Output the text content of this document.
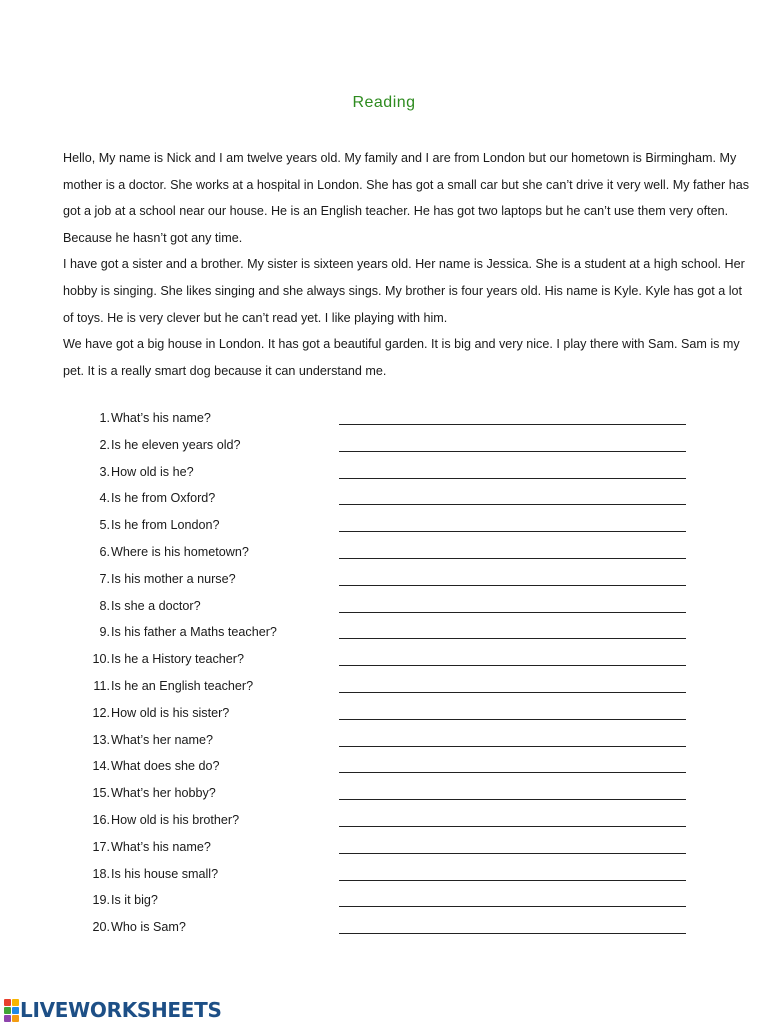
Reading

Hello, My name is Nick and I am twelve years old. My family and I are from London but our hometown is Birmingham. My mother is a doctor. She works at a hospital in London. She has got a small car but she can’t drive it very well. My father has got a job at a school near our house. He is an English teacher. He has got two laptops but he can’t use them very often. Because he hasn’t got any time.

I have got a sister and a brother. My sister is sixteen years old. Her name is Jessica. She is a student at a high school. Her hobby is singing. She likes singing and she always sings. My brother is four years old. His name is Kyle. Kyle has got a lot of toys. He is very clever but he can’t read yet. I like playing with him.

We have got a big house in London. It has got a beautiful garden. It is big and very nice. I play there with Sam. Sam is my pet. It is a really smart dog because it can understand me.

1. What’s his name?
2. Is he eleven years old?
3. How old is he?
4. Is he from Oxford?
5. Is he from London?
6. Where is his hometown?
7. Is his mother a nurse?
8. Is she a doctor?
9. Is his father a Maths teacher?
10. Is he a History teacher?
11. Is he an English teacher?
12. How old is his sister?
13. What’s her name?
14. What does she do?
15. What’s her hobby?
16. How old is his brother?
17. What’s his name?
18. Is his house small?
19. Is it big?
20. Who is Sam?
LIVEWORKSHEETS
